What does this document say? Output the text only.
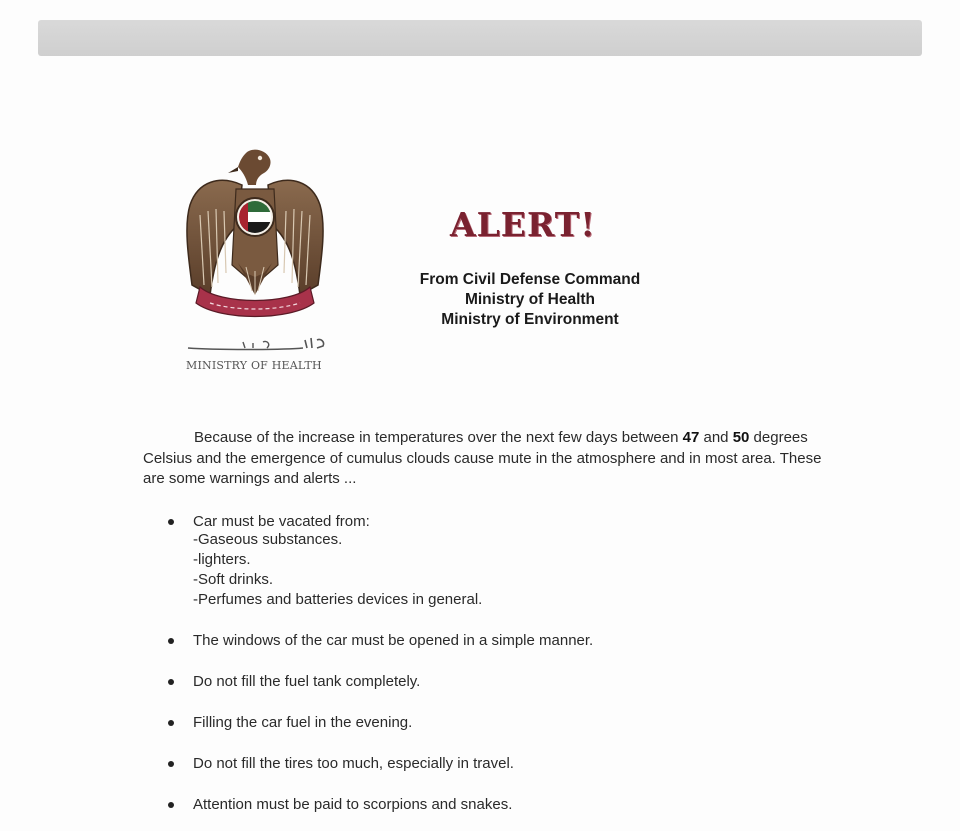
MINISTRY OF HEALTH
ALERT!
From Civil Defense Command
Ministry of Health
Ministry of Environment
Because of the increase in temperatures over the next few days between 47 and 50 degrees Celsius and the emergence of cumulus clouds cause mute in the atmosphere and in most area. These are some warnings and alerts ...
Car must be vacated from:
-Gaseous substances.
-lighters.
-Soft drinks.
-Perfumes and batteries devices in general.
The windows of the car must be opened in a simple manner.
Do not fill the fuel tank completely.
Filling the car fuel in the evening.
Do not fill the tires too much, especially in travel.
Attention must be paid to scorpions and snakes.
